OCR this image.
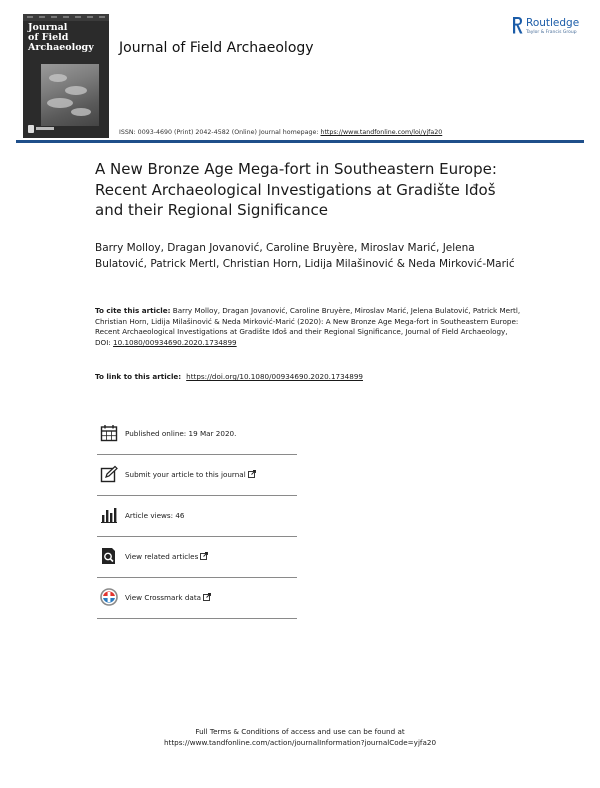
Journal
of Field
Archaeology	Journal of Field Archaeology
Routledge
Taylor & Francis Group
ISSN: 0093-4690 (Print) 2042-4582 (Online) Journal homepage: https://www.tandfonline.com/loi/yjfa20
A New Bronze Age Mega-fort in Southeastern Europe: Recent Archaeological Investigations at Gradište Iđoš and their Regional Significance
Barry Molloy, Dragan Jovanović, Caroline Bruyère, Miroslav Marić, Jelena Bulatović, Patrick Mertl, Christian Horn, Lidija Milašinović & Neda Mirković-Marić
To cite this article: Barry Molloy, Dragan Jovanović, Caroline Bruyère, Miroslav Marić, Jelena Bulatović, Patrick Mertl, Christian Horn, Lidija Milašinović & Neda Mirković-Marić (2020): A New Bronze Age Mega-fort in Southeastern Europe: Recent Archaeological Investigations at Gradište Iđoš and their Regional Significance, Journal of Field Archaeology, DOI: 10.1080/00934690.2020.1734899
To link to this article: https://doi.org/10.1080/00934690.2020.1734899
Published online: 19 Mar 2020.
Submit your article to this journal
Article views: 46
View related articles
View Crossmark data
Full Terms & Conditions of access and use can be found at
https://www.tandfonline.com/action/journalInformation?journalCode=yjfa20
